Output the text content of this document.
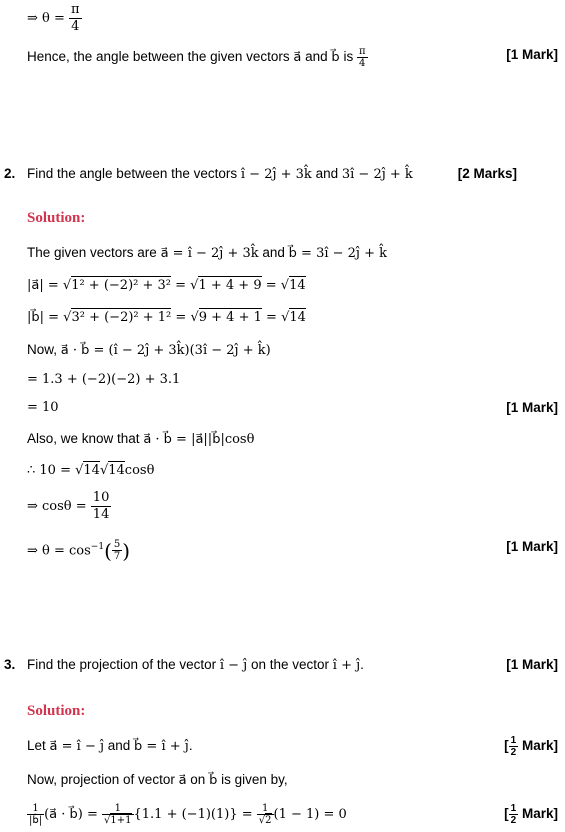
⇒ $\theta = \frac{\pi}{4}$
Hence, the angle between the given vectors a⃗ and b⃗ is $\frac{\pi}{4}$	[1 Mark]
2. Find the angle between the vectors î − 2ĵ + 3k̂ and 3î − 2ĵ + k̂	[2 Marks]
Solution:
The given vectors are a⃗ = î − 2ĵ + 3k̂ and b⃗ = 3î − 2ĵ + k̂
|a⃗| = √1² + (−2)² + 3² = √1 + 4 + 9 = √14
|b⃗| = √3² + (−2)² + 1² = √9 + 4 + 1 = √14
Now, a⃗ · b⃗ = (î − 2ĵ + 3k̂)(3î − 2ĵ + k̂)
= 1.3 + (−2)(−2) + 3.1
= 10	[1 Mark]
Also, we know that a⃗ · b⃗ = |a⃗||b⃗|cosθ
∴ 10 = √14√14cosθ
⇒ $\cos\theta = \frac{10}{14}$
⇒ $\theta = \cos^{-1}( \frac{5}{7}$ )	[1 Mark]
3. Find the projection of the vector î − ĵ on the vector î + ĵ.	[1 Mark]
Solution:
Let a⃗ = î − ĵ and b⃗ = î + ĵ.	[ $\frac{1}{2}$ Mark]
Now, projection of vector a⃗ on b⃗ is given by,
$\frac{1}{|b⃗|}$ (a⃗ · b⃗) = $\frac{1}{√1+1} \{1.1 + (-1)(1)\} = \frac{1}{√2} (1 - 1) = 0$	[ $\frac{1}{2}$ Mark]
